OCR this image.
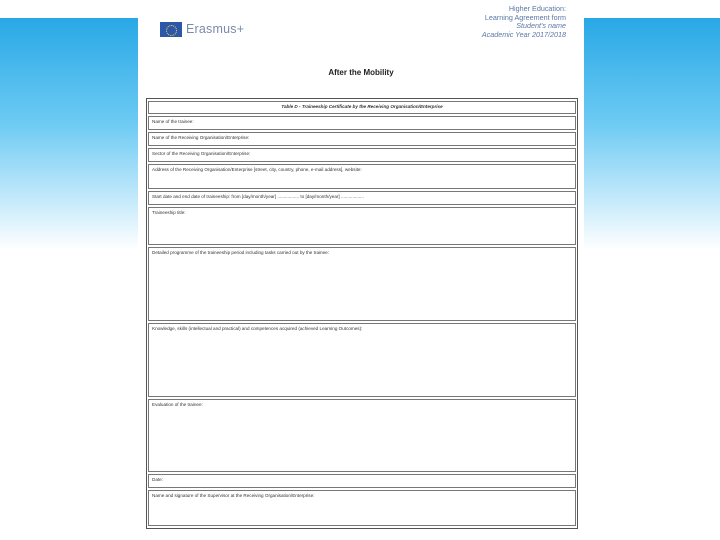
Erasmus+
Higher Education:
Learning Agreement form
Student's name
Academic Year 2017/2018
After the Mobility
Table D - Traineeship Certificate by the Receiving Organisation/Enterprise
Name of the trainee:
Name of the Receiving Organisation/Enterprise:
Sector of the Receiving Organisation/Enterprise:
Address of the Receiving Organisation/Enterprise [street, city, country, phone, e-mail address], website:
Start date and end date of traineeship: from [day/month/year] ................. to [day/month/year] ..................
Traineeship title:
Detailed programme of the traineeship period including tasks carried out by the trainee:
Knowledge, skills (intellectual and practical) and competences acquired (achieved Learning Outcomes):
Evaluation of the trainee:
Date:
Name and signature of the Supervisor at the Receiving Organisation/Enterprise:
